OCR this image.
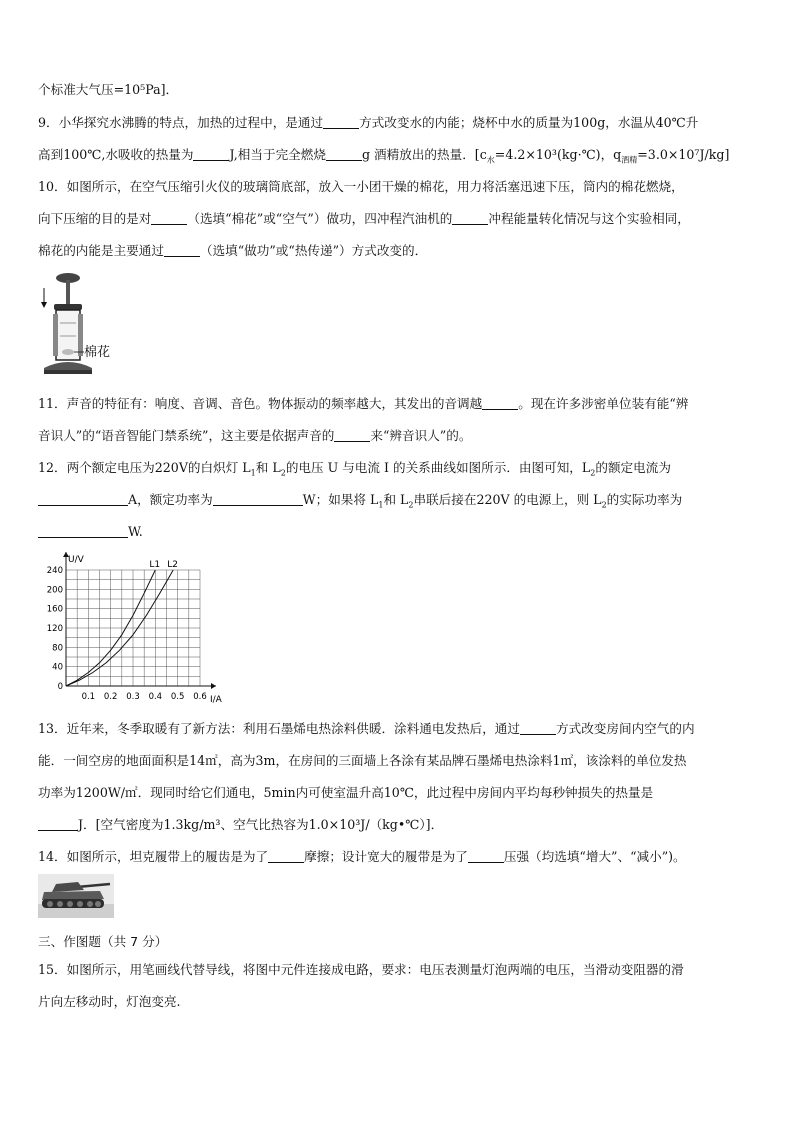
个标准大气压=10⁵Pa]．
9．小华探究水沸腾的特点，加热的过程中，是通过	方式改变水的内能；烧杯中水的质量为100g，水温从40℃升
高到100℃,水吸收的热量为	J,相当于完全燃烧	g 酒精放出的热量．[$c_水=4.2\times 10^3(kg\cdot℃)$，$q_{酒精}=3.0\times 10^7J/kg$]
10．如图所示，在空气压缩引火仪的玻璃筒底部，放入一小团干燥的棉花，用力将活塞迅速下压，筒内的棉花燃烧，
向下压缩的目的是对	（选填“棉花”或“空气”）做功，四冲程汽油机的	冲程能量转化情况与这个实验相同，
棉花的内能是主要通过	（选填“做功”或“热传递”）方式改变的．
棉花
11．声音的特征有：响度、音调、音色。物体振动的频率越大，其发出的音调越	。现在许多涉密单位装有能“辨
音识人”的“语音智能门禁系统”，这主要是依据声音的	来“辨音识人”的。
12．两个额定电压为220V的白炽灯 $L_1$和 $L_2$的电压 U 与电流 I 的关系曲线如图所示．由图可知，$L_2$的额定电流为
A，额定功率为	W；如果将 $L_1$和 $L_2$串联后接在220V 的电源上，则 $L_2$的实际功率为
W.
0.1 0.2 0.3 0.4 0.5 0.6
0
40
80
120
160
200
240
I/A
U/V	L1 L2
13．近年来，冬季取暖有了新方法：利用石墨烯电热涂料供暖．涂料通电发热后，通过	方式改变房间内空气的内
能．一间空房的地面面积是14㎡，高为3m，在房间的三面墙上各涂有某品牌石墨烯电热涂料1㎡，该涂料的单位发热
功率为1200W/㎡．现同时给它们通电，5min内可使室温升高10℃，此过程中房间内平均每秒钟损失的热量是
J．[空气密度为1.3kg/m³、空气比热容为1.0×10³J/（kg•℃）]．
14．如图所示，坦克履带上的履齿是为了	摩擦；设计宽大的履带是为了	压强（均选填“增大”、“减小”)。
三、作图题（共 7 分）
15．如图所示，用笔画线代替导线，将图中元件连接成电路，要求：电压表测量灯泡两端的电压，当滑动变阻器的滑
片向左移动时，灯泡变亮.
